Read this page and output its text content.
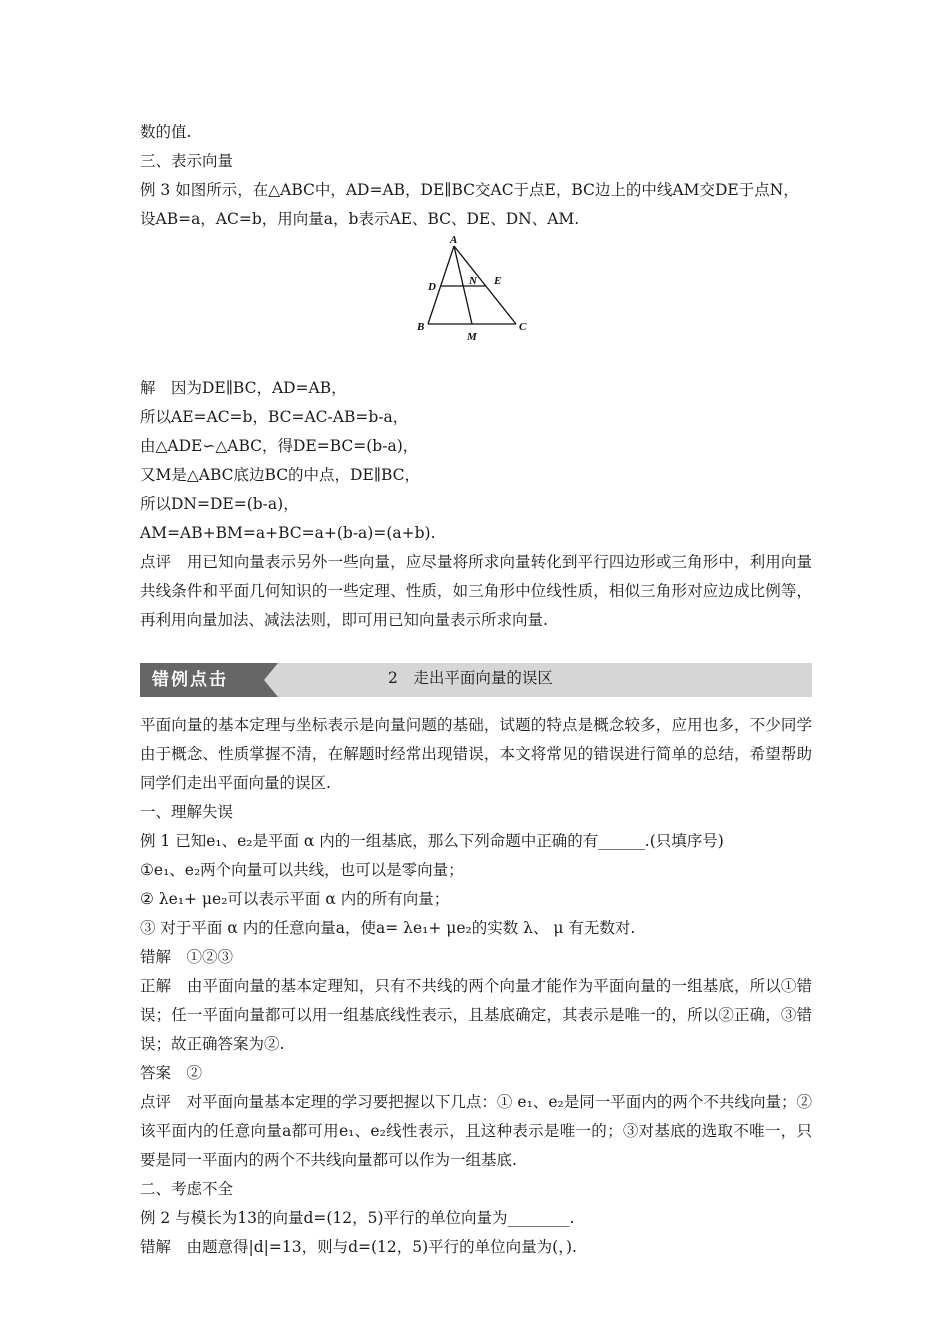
数的值.
三、表示向量
例 3 如图所示，在△ABC中，AD=AB，DE∥BC交AC于点E，BC边上的中线AM交DE于点N，
设AB=a，AC=b，用向量a，b表示AE、BC、DE、DN、AM.
A
B	C
D	E
N
M
解　因为DE∥BC，AD=AB，
所以AE=AC=b，BC=AC-AB=b-a，
由△ADE∽△ABC，得DE=BC=(b-a)，
又M是△ABC底边BC的中点，DE∥BC，
所以DN=DE=(b-a)，
AM=AB+BM=a+BC=a+(b-a)=(a+b).
点评　用已知向量表示另外一些向量，应尽量将所求向量转化到平行四边形或三角形中，利用向量共线条件和平面几何知识的一些定理、性质，如三角形中位线性质，相似三角形对应边成比例等，再利用向量加法、减法法则，即可用已知向量表示所求向量.
错例点击	2　走出平面向量的误区
平面向量的基本定理与坐标表示是向量问题的基础，试题的特点是概念较多，应用也多，不少同学由于概念、性质掌握不清，在解题时经常出现错误，本文将常见的错误进行简单的总结，希望帮助同学们走出平面向量的误区.
一、理解失误
例 1 已知e₁、e₂是平面 α 内的一组基底，那么下列命题中正确的有______.(只填序号)
①e₁、e₂两个向量可以共线，也可以是零向量；
② λe₁+ μe₂可以表示平面 α 内的所有向量；
③ 对于平面 α 内的任意向量a，使a= λe₁+ μe₂的实数 λ、 μ 有无数对.
错解　①②③
正解　由平面向量的基本定理知，只有不共线的两个向量才能作为平面向量的一组基底，所以①错误；任一平面向量都可以用一组基底线性表示，且基底确定，其表示是唯一的，所以②正确，③错误；故正确答案为②.
答案　②
点评　对平面向量基本定理的学习要把握以下几点：① e₁、e₂是同一平面内的两个不共线向量；②该平面内的任意向量a都可用e₁、e₂线性表示，且这种表示是唯一的；③对基底的选取不唯一，只要是同一平面内的两个不共线向量都可以作为一组基底.
二、考虑不全
例 2 与模长为13的向量d=(12，5)平行的单位向量为________.
错解　由题意得|d|=13，则与d=(12，5)平行的单位向量为(，).
